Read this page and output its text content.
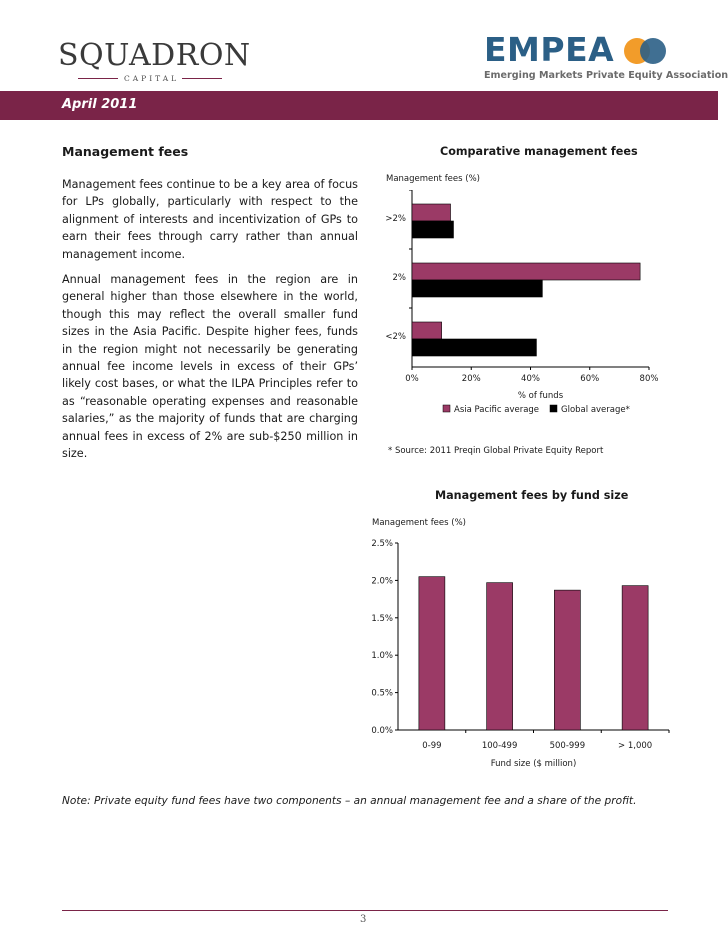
SQUADRON
CAPITAL
EMPEA
Emerging Markets Private Equity Association
April 2011
Management fees
Management fees continue to be a key area of focus for LPs globally, particularly with respect to the alignment of interests and incentivization of GPs to earn their fees through carry rather than annual management income.
Annual management fees in the region are in general higher than those elsewhere in the world, though this may reflect the overall smaller fund sizes in the Asia Pacific. Despite higher fees, funds in the region might not necessarily be generating annual fee income levels in excess of their GPs’ likely cost bases, or what the ILPA Principles refer to as “reasonable operating expenses and reasonable salaries,” as the majority of funds that are charging annual fees in excess of 2% are sub-$250 million in size.
Comparative management fees
Management fees (%)
>2%
2%
<2%
0%	20%	40%	60%	80%
% of funds
Asia Pacific average	Global average*
* Source: 2011 Preqin Global Private Equity Report
Management fees by fund size
Management fees (%)
0.0%
0.5%
1.0%
1.5%
2.0%
2.5%
0-99	100-499	500-999	> 1,000
Fund size ($ million)
Note: Private equity fund fees have two components – an annual management fee and a share of the profit.
3
